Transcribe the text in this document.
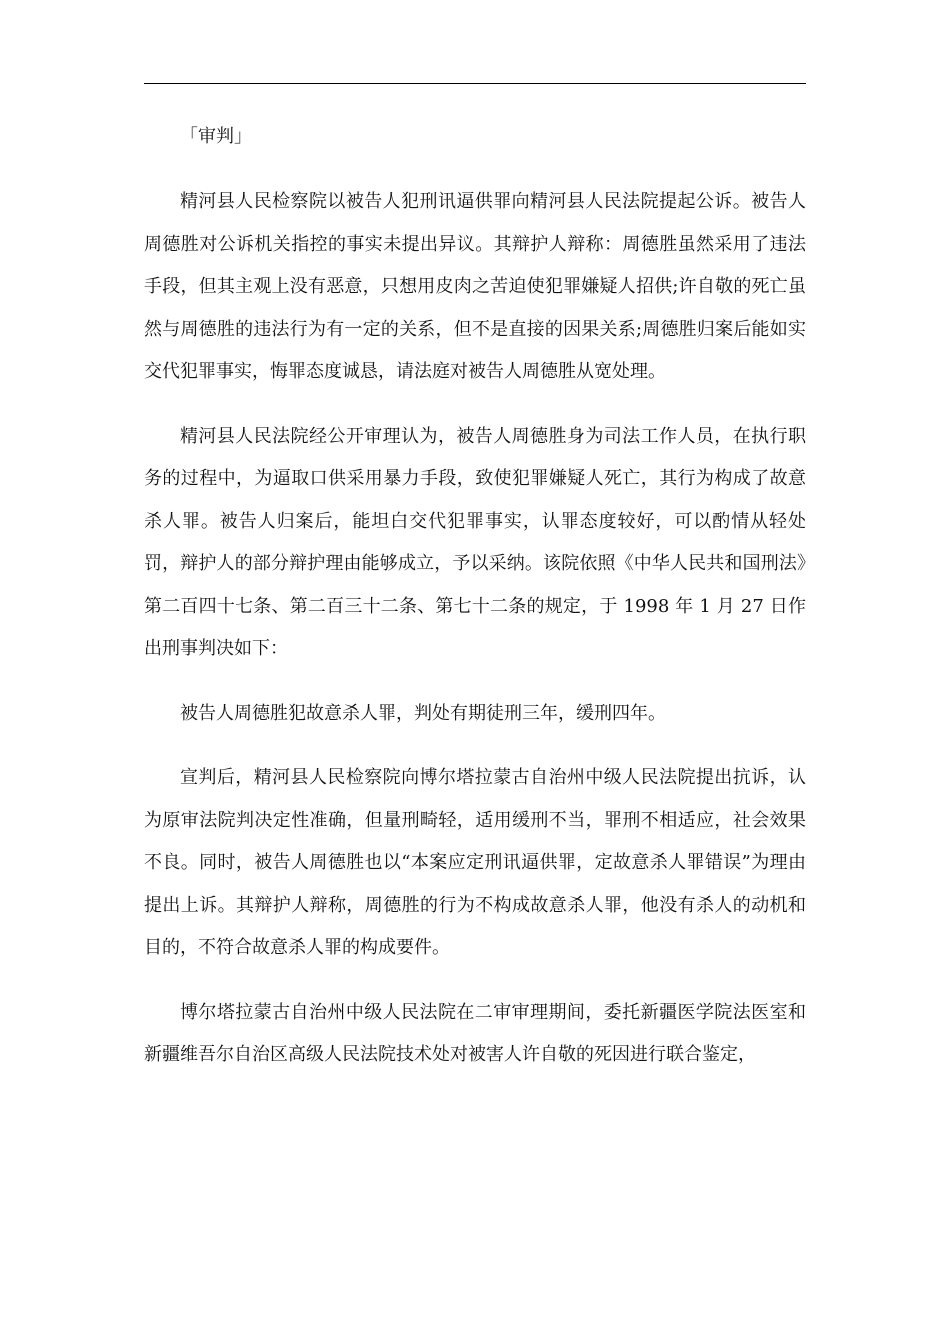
「审判」

精河县人民检察院以被告人犯刑讯逼供罪向精河县人民法院提起公诉。被告人周德胜对公诉机关指控的事实未提出异议。其辩护人辩称：周德胜虽然采用了违法手段，但其主观上没有恶意，只想用皮肉之苦迫使犯罪嫌疑人招供;许自敬的死亡虽然与周德胜的违法行为有一定的关系，但不是直接的因果关系;周德胜归案后能如实交代犯罪事实，悔罪态度诚恳，请法庭对被告人周德胜从宽处理。

精河县人民法院经公开审理认为，被告人周德胜身为司法工作人员，在执行职务的过程中，为逼取口供采用暴力手段，致使犯罪嫌疑人死亡，其行为构成了故意杀人罪。被告人归案后，能坦白交代犯罪事实，认罪态度较好，可以酌情从轻处罚，辩护人的部分辩护理由能够成立，予以采纳。该院依照《中华人民共和国刑法》第二百四十七条、第二百三十二条、第七十二条的规定，于 1998 年 1 月 27 日作出刑事判决如下：

被告人周德胜犯故意杀人罪，判处有期徒刑三年，缓刑四年。

宣判后，精河县人民检察院向博尔塔拉蒙古自治州中级人民法院提出抗诉，认为原审法院判决定性准确，但量刑畸轻，适用缓刑不当，罪刑不相适应，社会效果不良。同时，被告人周德胜也以“本案应定刑讯逼供罪，定故意杀人罪错误”为理由提出上诉。其辩护人辩称，周德胜的行为不构成故意杀人罪，他没有杀人的动机和目的，不符合故意杀人罪的构成要件。

博尔塔拉蒙古自治州中级人民法院在二审审理期间，委托新疆医学院法医室和新疆维吾尔自治区高级人民法院技术处对被害人许自敬的死因进行联合鉴定，
